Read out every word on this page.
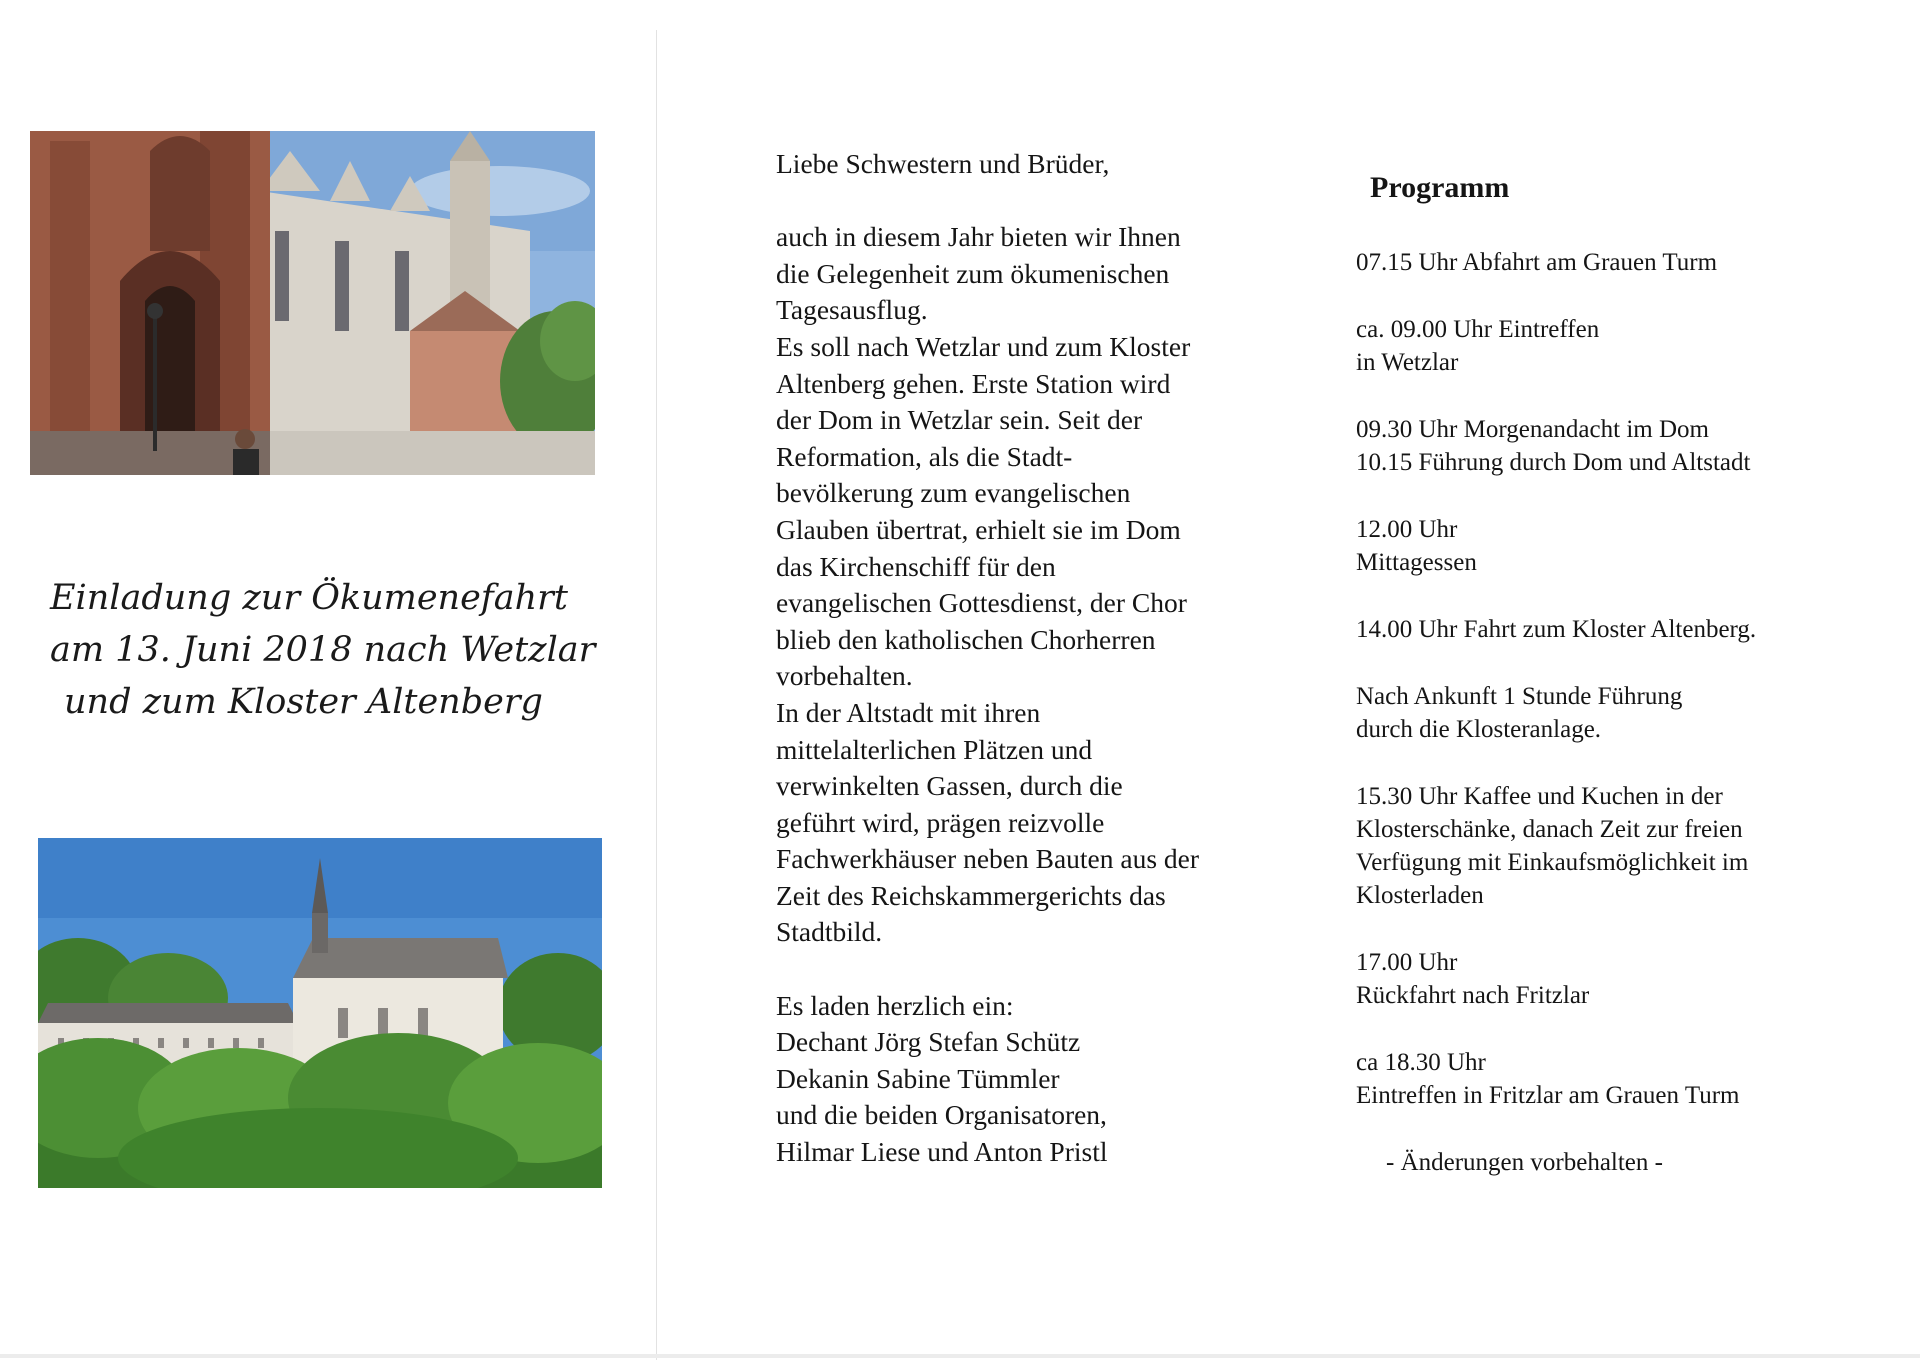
Einladung zur Ökumenefahrt
am 13. Juni 2018 nach Wetzlar
und zum Kloster Altenberg
Liebe Schwestern und Brüder,
auch in diesem Jahr bieten wir Ihnen
die Gelegenheit zum ökumenischen
Tagesausflug.
Es soll nach Wetzlar und zum Kloster
Altenberg gehen. Erste Station wird
der Dom in Wetzlar sein. Seit der
Reformation, als die Stadt-
bevölkerung zum evangelischen
Glauben übertrat, erhielt sie im Dom
das Kirchenschiff für den
evangelischen Gottesdienst, der Chor
blieb den katholischen Chorherren
vorbehalten.
In der Altstadt mit ihren
mittelalterlichen Plätzen und
verwinkelten Gassen, durch die
geführt wird, prägen reizvolle
Fachwerkhäuser neben Bauten aus der
Zeit des Reichskammergerichts das
Stadtbild.
Es laden herzlich ein:
Dechant Jörg Stefan Schütz
Dekanin Sabine Tümmler
und die beiden Organisatoren,
Hilmar Liese und Anton Pristl
Programm
07.15 Uhr Abfahrt am Grauen Turm
ca. 09.00 Uhr Eintreffen
in Wetzlar
09.30 Uhr Morgenandacht im Dom
10.15 Führung durch Dom und Altstadt
12.00 Uhr
Mittagessen
14.00 Uhr Fahrt zum Kloster Altenberg.
Nach Ankunft 1 Stunde Führung
durch die Klosteranlage.
15.30 Uhr Kaffee und Kuchen in der
Klosterschänke, danach Zeit zur freien
Verfügung mit Einkaufsmöglichkeit im
Klosterladen
17.00 Uhr
Rückfahrt nach Fritzlar
ca 18.30 Uhr
Eintreffen in Fritzlar am Grauen Turm
- Änderungen vorbehalten -
